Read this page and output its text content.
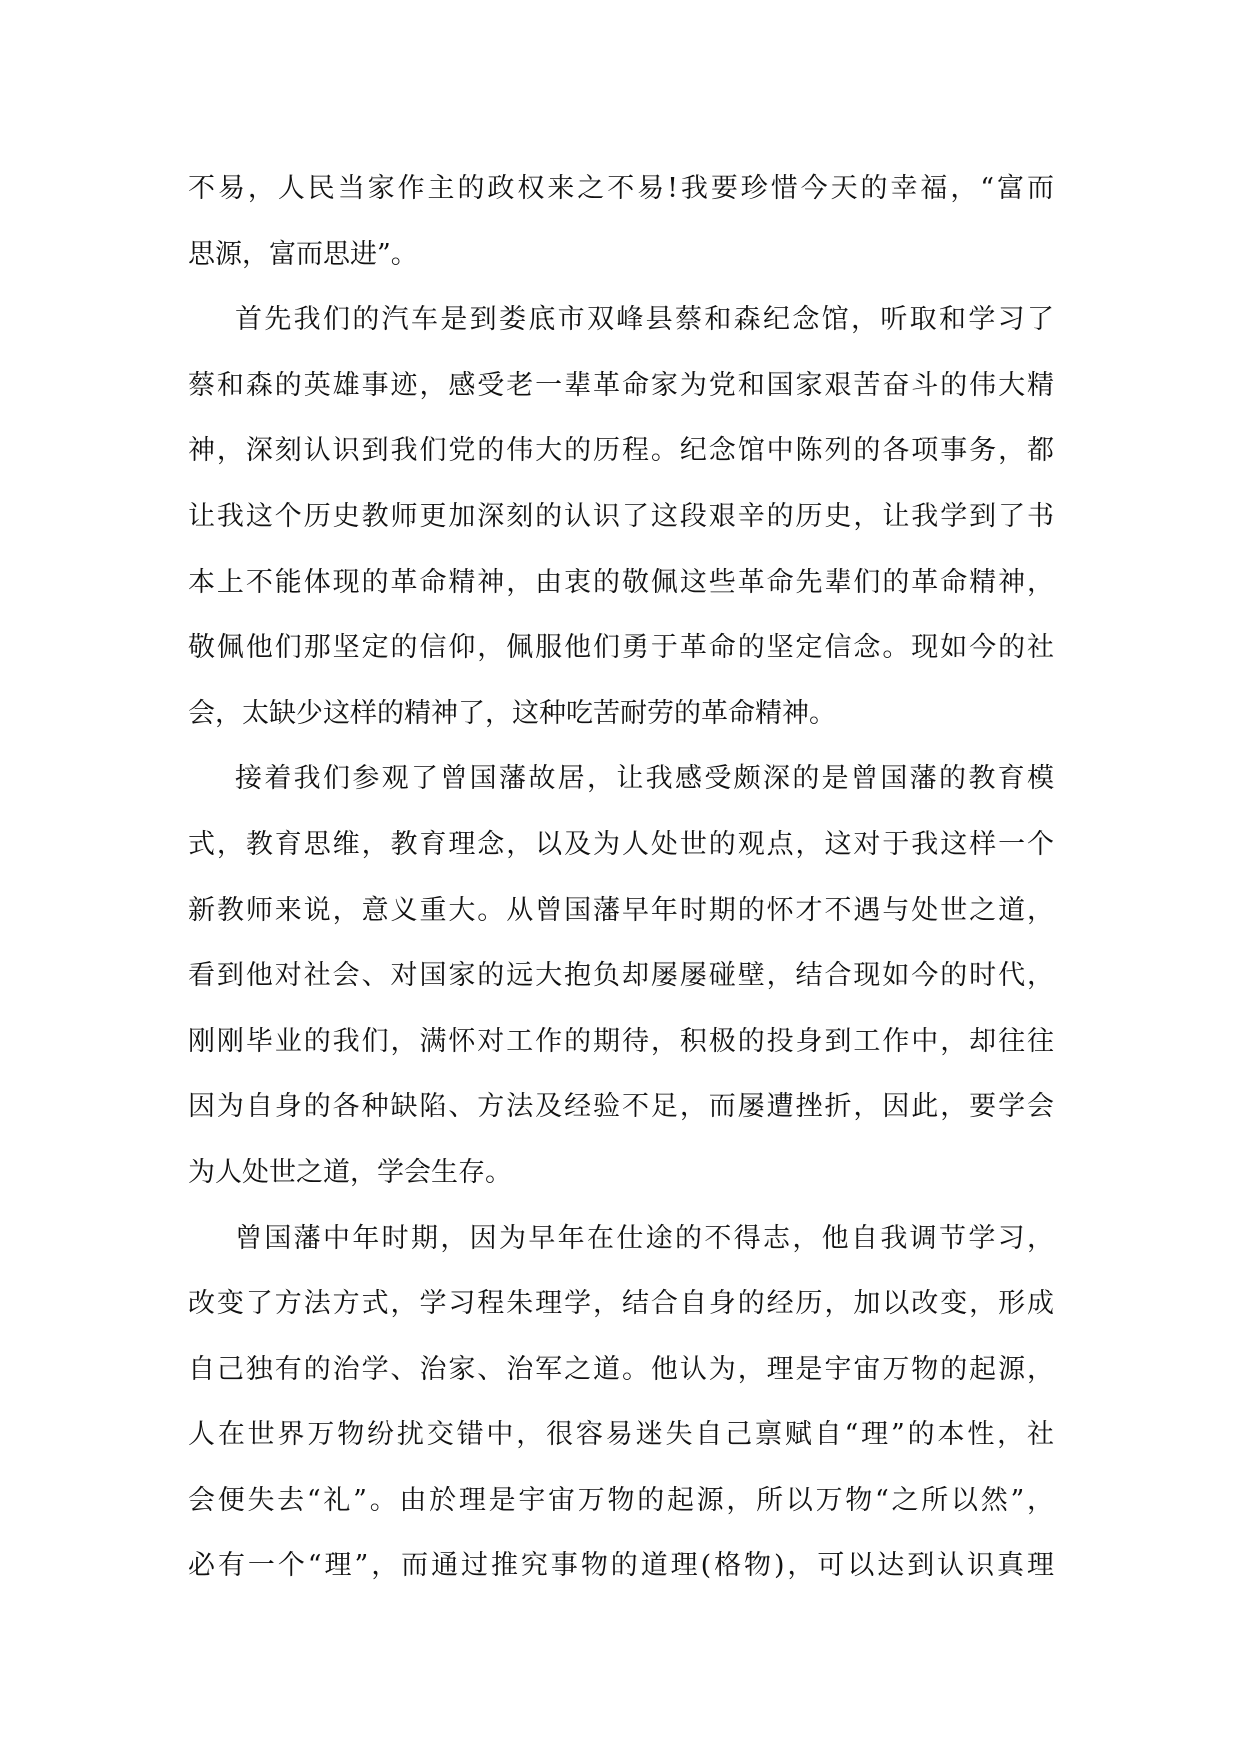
不易，人民当家作主的政权来之不易!我要珍惜今天的幸福，“富而
思源，富而思进”。
首先我们的汽车是到娄底市双峰县蔡和森纪念馆，听取和学习了
蔡和森的英雄事迹，感受老一辈革命家为党和国家艰苦奋斗的伟大精
神，深刻认识到我们党的伟大的历程。纪念馆中陈列的各项事务，都
让我这个历史教师更加深刻的认识了这段艰辛的历史，让我学到了书
本上不能体现的革命精神，由衷的敬佩这些革命先辈们的革命精神，
敬佩他们那坚定的信仰，佩服他们勇于革命的坚定信念。现如今的社
会，太缺少这样的精神了，这种吃苦耐劳的革命精神。
接着我们参观了曾国藩故居，让我感受颇深的是曾国藩的教育模
式，教育思维，教育理念，以及为人处世的观点，这对于我这样一个
新教师来说，意义重大。从曾国藩早年时期的怀才不遇与处世之道，
看到他对社会、对国家的远大抱负却屡屡碰壁，结合现如今的时代，
刚刚毕业的我们，满怀对工作的期待，积极的投身到工作中，却往往
因为自身的各种缺陷、方法及经验不足，而屡遭挫折，因此，要学会
为人处世之道，学会生存。
曾国藩中年时期，因为早年在仕途的不得志，他自我调节学习，
改变了方法方式，学习程朱理学，结合自身的经历，加以改变，形成
自己独有的治学、治家、治军之道。他认为，理是宇宙万物的起源，
人在世界万物纷扰交错中，很容易迷失自己禀赋自“理”的本性，社
会便失去“礼”。由於理是宇宙万物的起源，所以万物“之所以然”，
必有一个“理”，而通过推究事物的道理(格物)，可以达到认识真理
